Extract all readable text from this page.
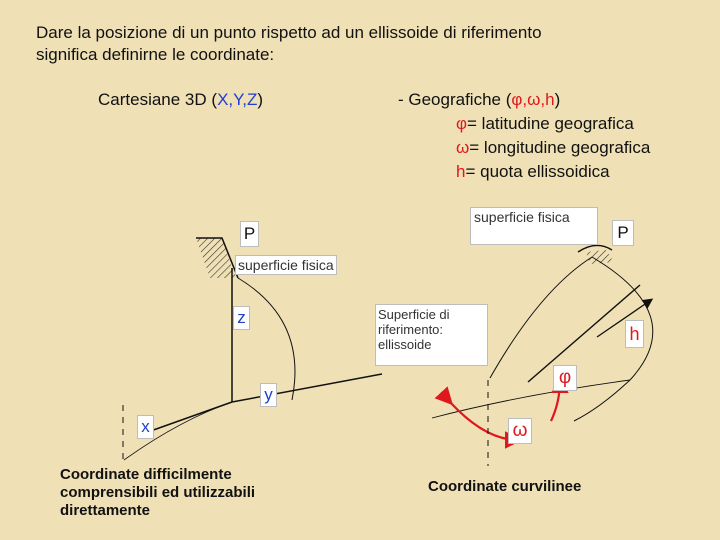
Dare la posizione di un punto rispetto ad un ellissoide di riferimento
significa definirne le coordinate:
Cartesiane 3D (X,Y,Z)	- Geografiche (φ,ω,h)
φ= latitudine geografica
ω= longitudine geografica
h= quota ellissoidica
P
superficie fisica
z
y
x
Coordinate difficilmente
comprensibili ed utilizzabili
direttamente
superficie fisica
P
Superficie di
riferimento:
ellissoide
h
φ
ω
Coordinate curvilinee
